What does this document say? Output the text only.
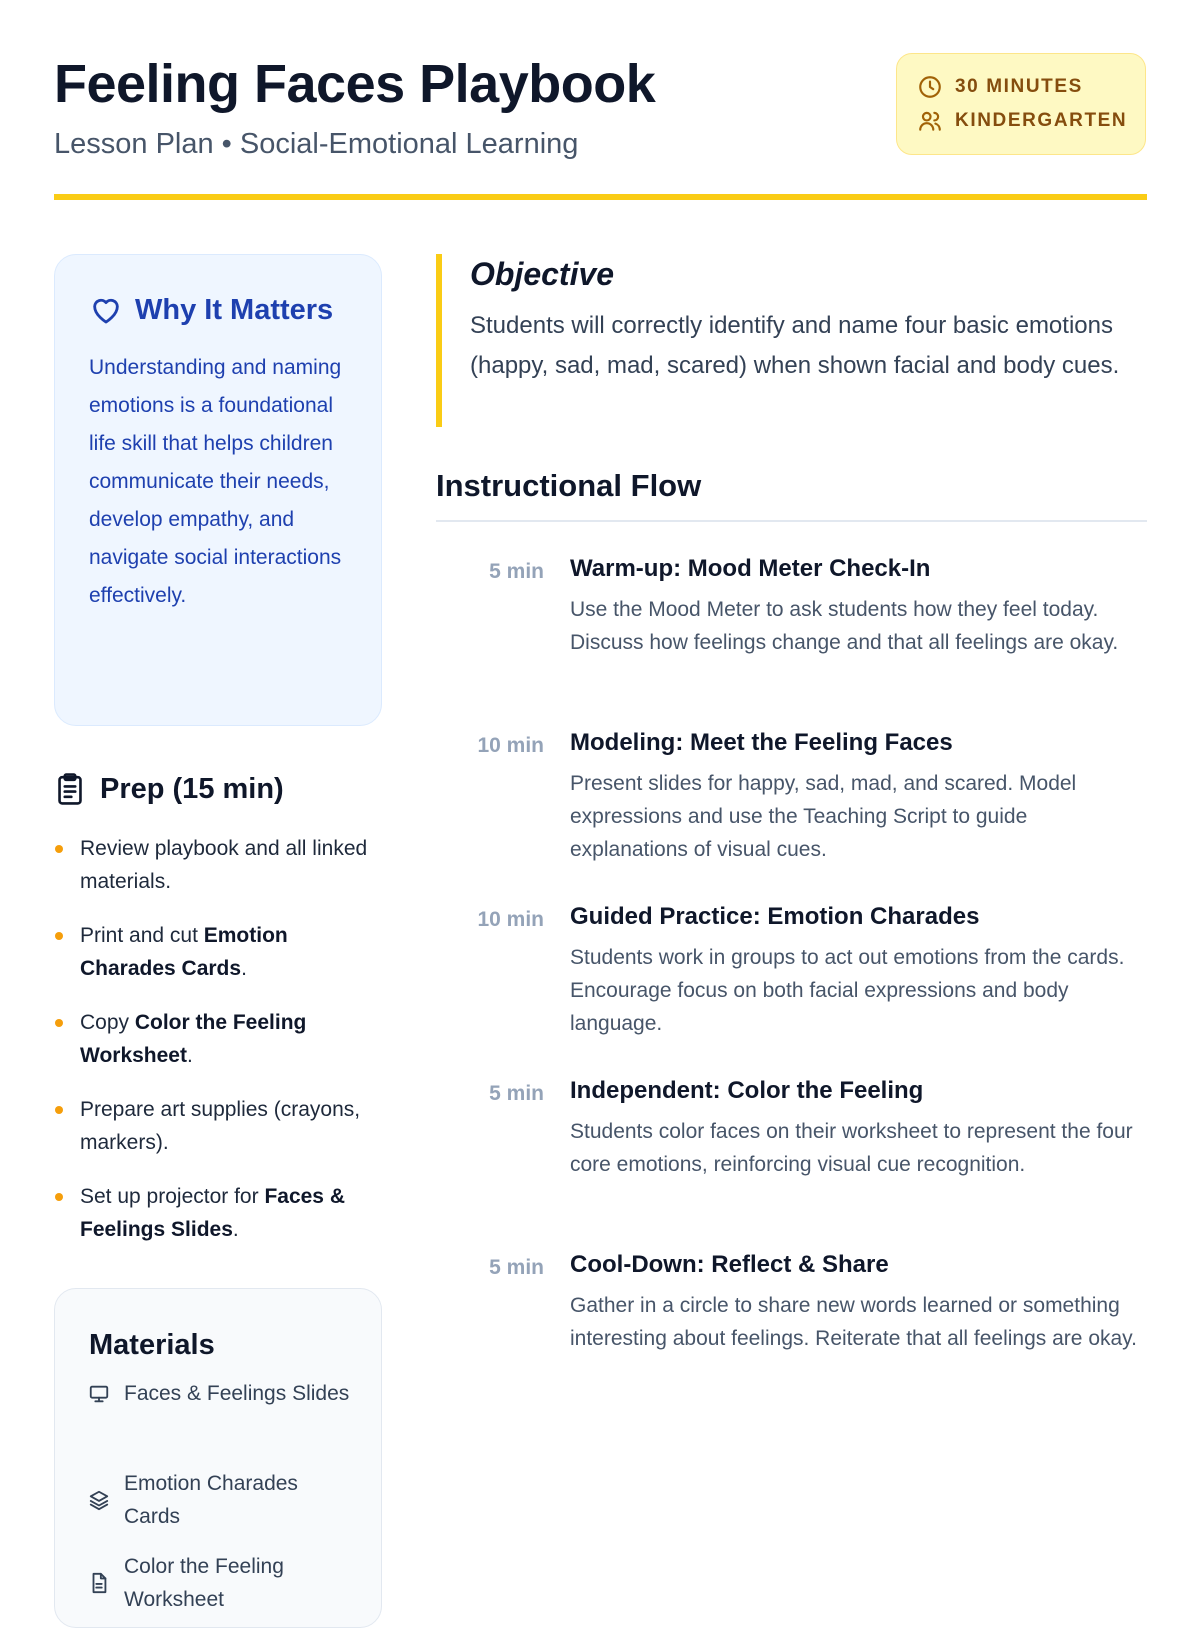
Feeling Faces Playbook
Lesson Plan • Social-Emotional Learning
30 MINUTES
KINDERGARTEN
Why It Matters
Understanding and naming emotions is a foundational life skill that helps children communicate their needs, develop empathy, and navigate social interactions effectively.
Prep (15 min)
Review playbook and all linked materials.
Print and cut Emotion Charades Cards.
Copy Color the Feeling Worksheet.
Prepare art supplies (crayons, markers).
Set up projector for Faces & Feelings Slides.
Materials
Faces & Feelings Slides
Emotion Charades Cards
Color the Feeling Worksheet
Objective
Students will correctly identify and name four basic emotions (happy, sad, mad, scared) when shown facial and body cues.
Instructional Flow
5 min Warm-up: Mood Meter Check-In
Use the Mood Meter to ask students how they feel today. Discuss how feelings change and that all feelings are okay.
10 min Modeling: Meet the Feeling Faces
Present slides for happy, sad, mad, and scared. Model expressions and use the Teaching Script to guide explanations of visual cues.
10 min Guided Practice: Emotion Charades
Students work in groups to act out emotions from the cards. Encourage focus on both facial expressions and body language.
5 min Independent: Color the Feeling
Students color faces on their worksheet to represent the four core emotions, reinforcing visual cue recognition.
5 min Cool-Down: Reflect & Share
Gather in a circle to share new words learned or something interesting about feelings. Reiterate that all feelings are okay.
